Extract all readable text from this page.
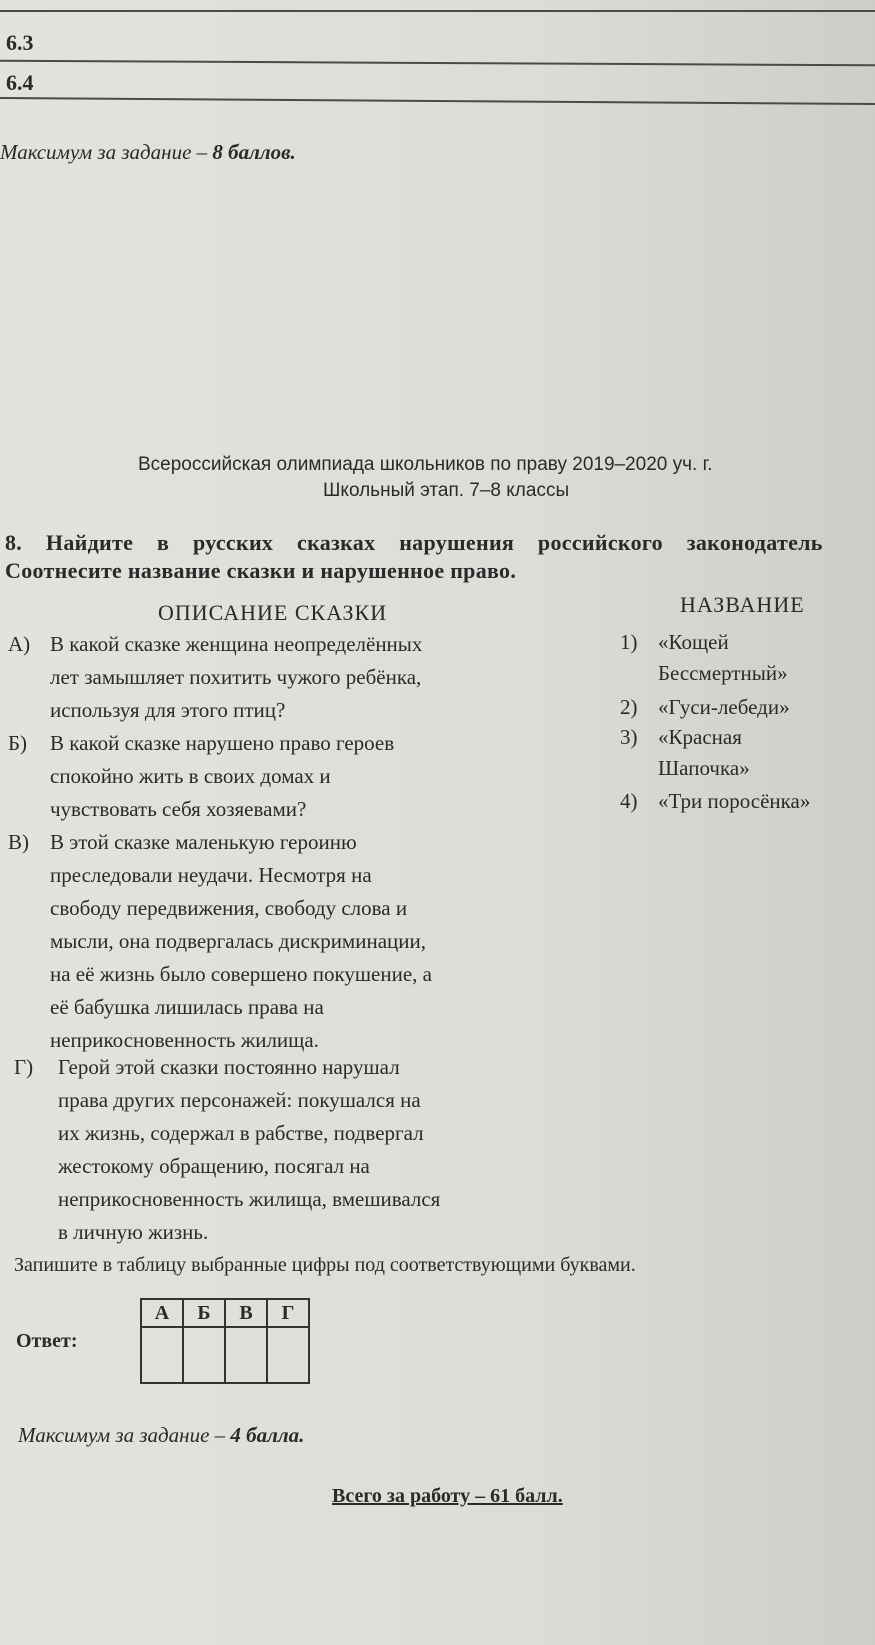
6.3
6.4
Максимум за задание – 8 баллов.
Всероссийская олимпиада школьников по праву 2019–2020 уч. г.
Школьный этап. 7–8 классы
8. Найдите в русских сказках нарушения российского законодатель
Соотнесите название сказки и нарушенное право.
ОПИСАНИЕ СКАЗКИ	НАЗВАНИЕ
А) В какой сказке женщина неопределённых
лет замышляет похитить чужого ребёнка,
используя для этого птиц?
Б) В какой сказке нарушено право героев
спокойно жить в своих домах и
чувствовать себя хозяевами?
В) В этой сказке маленькую героиню
преследовали неудачи. Несмотря на
свободу передвижения, свободу слова и
мысли, она подвергалась дискриминации,
на её жизнь было совершено покушение, а
её бабушка лишилась права на
неприкосновенность жилища.
Г) Герой этой сказки постоянно нарушал
права других персонажей: покушался на
их жизнь, содержал в рабстве, подвергал
жестокому обращению, посягал на
неприкосновенность жилища, вмешивался
в личную жизнь.
1) «Кощей
Бессмертный»
2) «Гуси-лебеди»
3) «Красная
Шапочка»
4) «Три поросёнка»
Запишите в таблицу выбранные цифры под соответствующими буквами.
Ответ:
А	Б	В	Г

Максимум за задание – 4 балла.
Всего за работу – 61 балл.
